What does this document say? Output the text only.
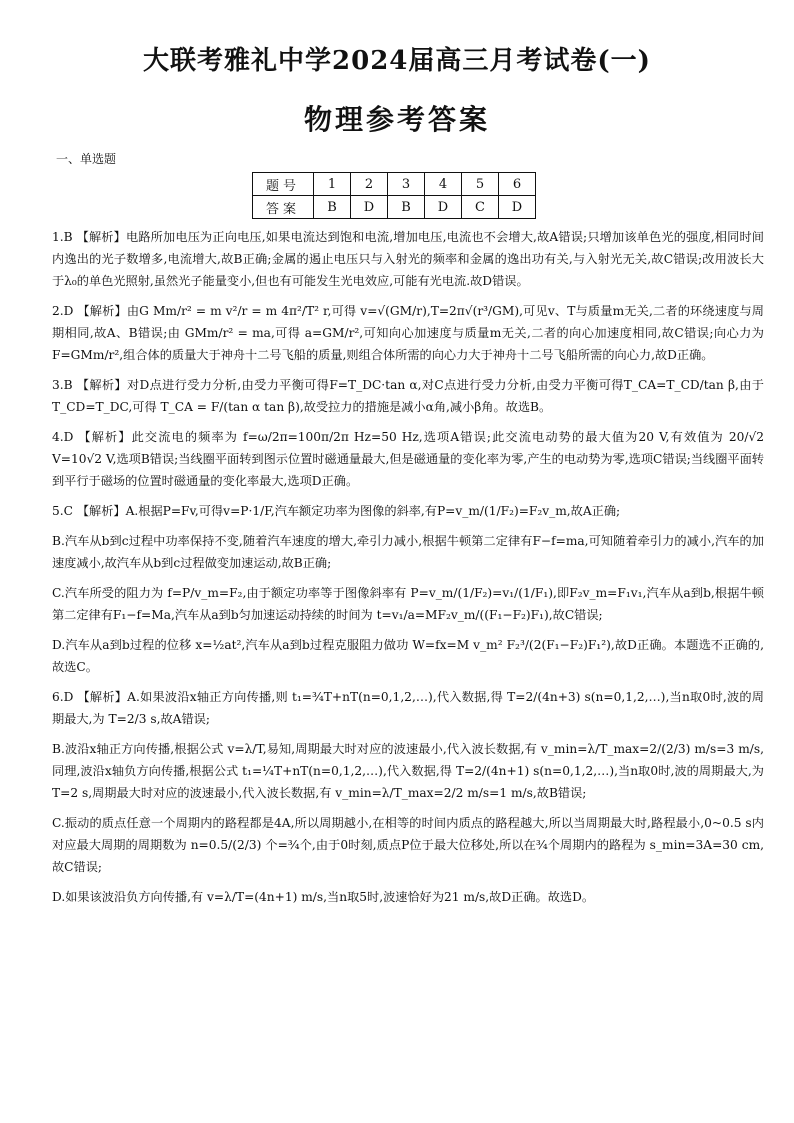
大联考雅礼中学2024届高三月考试卷(一)
物理参考答案
一、单选题
题号	1	2	3	4	5	6
答案	B	D	B	D	C	D

1.B 【解析】电路所加电压为正向电压,如果电流达到饱和电流,增加电压,电流也不会增大,故A错误;只增加该单色光的强度,相同时间内逸出的光子数增多,电流增大,故B正确;金属的遏止电压只与入射光的频率和金属的逸出功有关,与入射光无关,故C错误;改用波长大于λ₀的单色光照射,虽然光子能量变小,但也有可能发生光电效应,可能有光电流.故D错误。

2.D 【解析】由G Mm/r² = m v²/r = m 4π²/T² r,可得 v=√(GM/r),T=2π√(r³/GM),可见v、T与质量m无关,二者的环绕速度与周期相同,故A、B错误;由 GMm/r² = ma,可得 a=GM/r²,可知向心加速度与质量m无关,二者的向心加速度相同,故C错误;向心力为F=GMm/r²,组合体的质量大于神舟十二号飞船的质量,则组合体所需的向心力大于神舟十二号飞船所需的向心力,故D正确。

3.B 【解析】对D点进行受力分析,由受力平衡可得F=T_DC·tan α,对C点进行受力分析,由受力平衡可得T_CA=T_CD/tan β,由于T_CD=T_DC,可得 T_CA = F/(tan α tan β),故受拉力的措施是减小α角,减小β角。故选B。

4.D 【解析】此交流电的频率为 f=ω/2π=100π/2π Hz=50 Hz,选项A错误;此交流电动势的最大值为20 V,有效值为 20/√2 V=10√2 V,选项B错误;当线圈平面转到图示位置时磁通量最大,但是磁通量的变化率为零,产生的电动势为零,选项C错误;当线圈平面转到平行于磁场的位置时磁通量的变化率最大,选项D正确。

5.C 【解析】A.根据P=Fv,可得v=P·1/F,汽车额定功率为图像的斜率,有P=v_m/(1/F₂)=F₂v_m,故A正确;

B.汽车从b到c过程中功率保持不变,随着汽车速度的增大,牵引力减小,根据牛顿第二定律有F−f=ma,可知随着牵引力的减小,汽车的加速度减小,故汽车从b到c过程做变加速运动,故B正确;

C.汽车所受的阻力为 f=P/v_m=F₂,由于额定功率等于图像斜率有 P=v_m/(1/F₂)=v₁/(1/F₁),即F₂v_m=F₁v₁,汽车从a到b,根据牛顿第二定律有F₁−f=Ma,汽车从a到b匀加速运动持续的时间为 t=v₁/a=MF₂v_m/((F₁−F₂)F₁),故C错误;

D.汽车从a到b过程的位移 x=½at²,汽车从a到b过程克服阻力做功 W=fx=M v_m² F₂³/(2(F₁−F₂)F₁²),故D正确。本题选不正确的,故选C。

6.D 【解析】A.如果波沿x轴正方向传播,则 t₁=¾T+nT(n=0,1,2,…),代入数据,得 T=2/(4n+3) s(n=0,1,2,…),当n取0时,波的周期最大,为 T=2/3 s,故A错误;

B.波沿x轴正方向传播,根据公式 v=λ/T,易知,周期最大时对应的波速最小,代入波长数据,有 v_min=λ/T_max=2/(2/3) m/s=3 m/s,同理,波沿x轴负方向传播,根据公式 t₁=¼T+nT(n=0,1,2,…),代入数据,得 T=2/(4n+1) s(n=0,1,2,…),当n取0时,波的周期最大,为T=2 s,周期最大时对应的波速最小,代入波长数据,有 v_min=λ/T_max=2/2 m/s=1 m/s,故B错误;

C.振动的质点任意一个周期内的路程都是4A,所以周期越小,在相等的时间内质点的路程越大,所以当周期最大时,路程最小,0~0.5 s内对应最大周期的周期数为 n=0.5/(2/3) 个=¾个,由于0时刻,质点P位于最大位移处,所以在¾个周期内的路程为 s_min=3A=30 cm,故C错误;

D.如果该波沿负方向传播,有 v=λ/T=(4n+1) m/s,当n取5时,波速恰好为21 m/s,故D正确。故选D。
